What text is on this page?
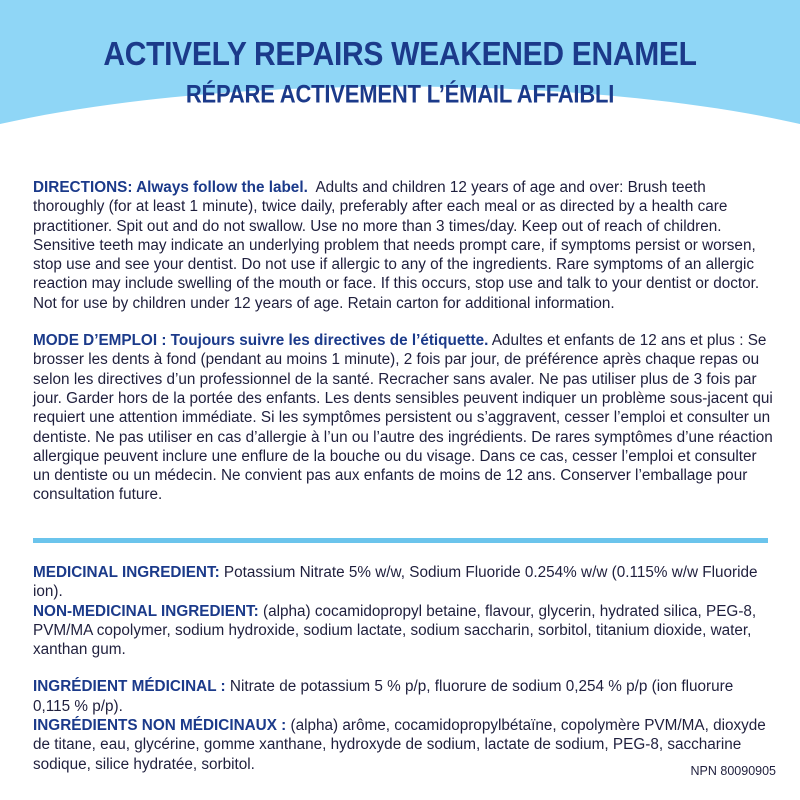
ACTIVELY REPAIRS WEAKENED ENAMEL
RÉPARE ACTIVEMENT L’ÉMAIL AFFAIBLI

DIRECTIONS: Always follow the label.  Adults and children 12 years of age and over: Brush teeth thoroughly (for at least 1 minute), twice daily, preferably after each meal or as directed by a health care practitioner. Spit out and do not swallow. Use no more than 3 times/day. Keep out of reach of children. Sensitive teeth may indicate an underlying problem that needs prompt care, if symptoms persist or worsen, stop use and see your dentist. Do not use if allergic to any of the ingredients. Rare symptoms of an allergic reaction may include swelling of the mouth or face. If this occurs, stop use and talk to your dentist or doctor. Not for use by children under 12 years of age. Retain carton for additional information.

MODE D’EMPLOI : Toujours suivre les directives de l’étiquette. Adultes et enfants de 12 ans et plus : Se brosser les dents à fond (pendant au moins 1 minute), 2 fois par jour, de préférence après chaque repas ou selon les directives d’un professionnel de la santé. Recracher sans avaler. Ne pas utiliser plus de 3 fois par jour. Garder hors de la portée des enfants. Les dents sensibles peuvent indiquer un problème sous-jacent qui requiert une attention immédiate. Si les symptômes persistent ou s’aggravent, cesser l’emploi et consulter un dentiste. Ne pas utiliser en cas d’allergie à l’un ou l’autre des ingrédients. De rares symptômes d’une réaction allergique peuvent inclure une enflure de la bouche ou du visage. Dans ce cas, cesser l’emploi et consulter un dentiste ou un médecin. Ne convient pas aux enfants de moins de 12 ans. Conserver l’emballage pour consultation future.

MEDICINAL INGREDIENT: Potassium Nitrate 5% w/w, Sodium Fluoride 0.254% w/w (0.115% w/w Fluoride ion).

NON-MEDICINAL INGREDIENT: (alpha) cocamidopropyl betaine, flavour, glycerin, hydrated silica, PEG-8, PVM/MA copolymer, sodium hydroxide, sodium lactate, sodium saccharin, sorbitol, titanium dioxide, water, xanthan gum.

INGRÉDIENT MÉDICINAL : Nitrate de potassium 5 % p/p, fluorure de sodium 0,254 % p/p (ion fluorure 0,115 % p/p).

INGRÉDIENTS NON MÉDICINAUX : (alpha) arôme, cocamidopropylbétaïne, copolymère PVM/MA, dioxyde de titane, eau, glycérine, gomme xanthane, hydroxyde de sodium, lactate de sodium, PEG-8, saccharine sodique, silice hydratée, sorbitol.	NPN 80090905
